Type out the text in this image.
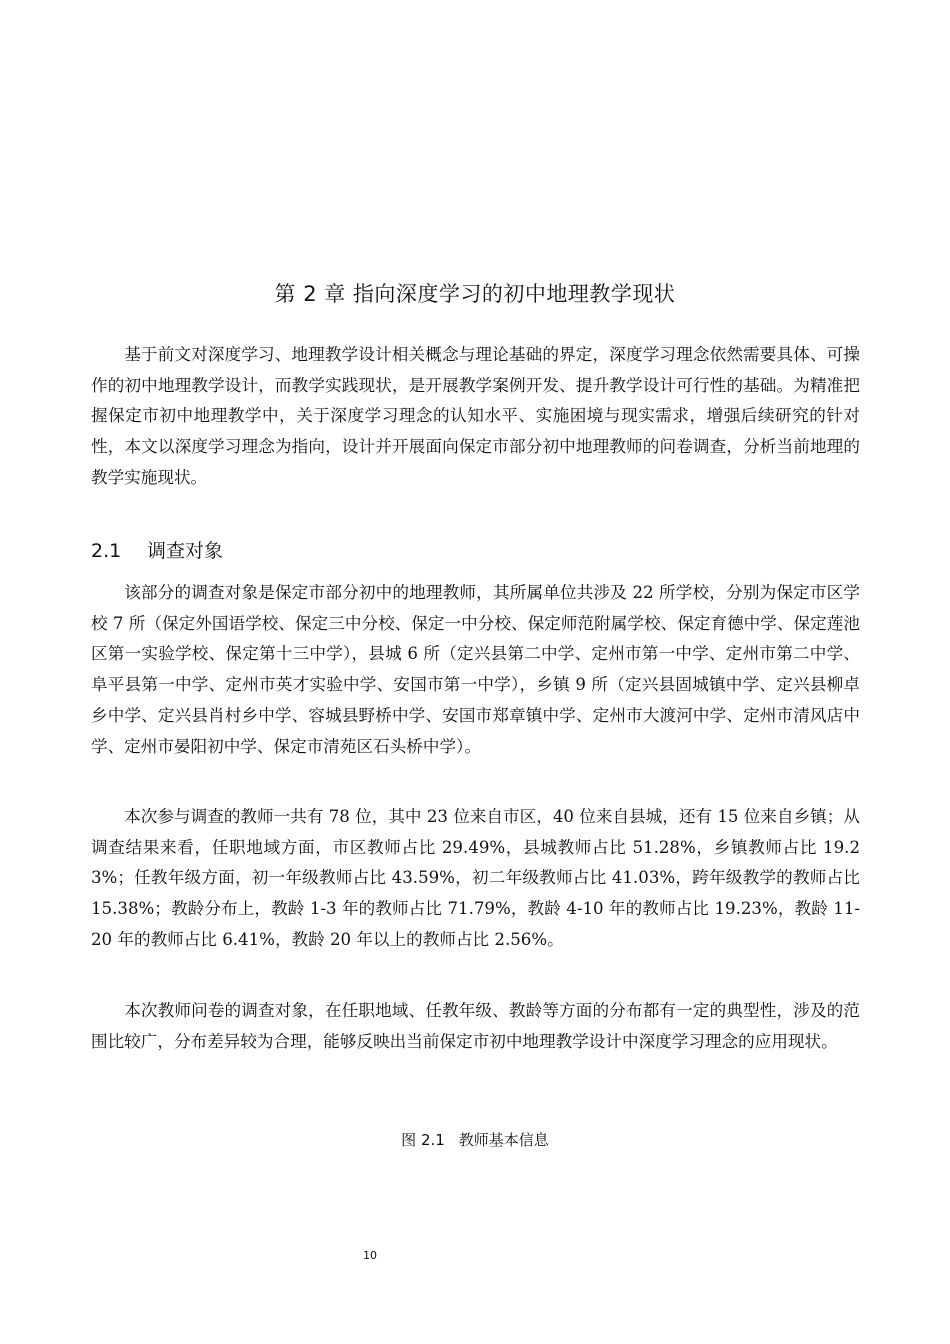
第 2 章 指向深度学习的初中地理教学现状

基于前文对深度学习、地理教学设计相关概念与理论基础的界定，深度学习理念依然需要具体、可操作的初中地理教学设计，而教学实践现状，是开展教学案例开发、提升教学设计可行性的基础。为精准把握保定市初中地理教学中，关于深度学习理念的认知水平、实施困境与现实需求，增强后续研究的针对性，本文以深度学习理念为指向，设计并开展面向保定市部分初中地理教师的问卷调查，分析当前地理的教学实施现状。

2.1 调查对象

该部分的调查对象是保定市部分初中的地理教师，其所属单位共涉及 22 所学校，分别为保定市区学校 7 所（保定外国语学校、保定三中分校、保定一中分校、保定师范附属学校、保定育德中学、保定莲池区第一实验学校、保定第十三中学），县城 6 所（定兴县第二中学、定州市第一中学、定州市第二中学、阜平县第一中学、定州市英才实验中学、安国市第一中学），乡镇 9 所（定兴县固城镇中学、定兴县柳卓乡中学、定兴县肖村乡中学、容城县野桥中学、安国市郑章镇中学、定州市大渡河中学、定州市清风店中学、定州市晏阳初中学、保定市清苑区石头桥中学）。

本次参与调查的教师一共有 78 位，其中 23 位来自市区，40 位来自县城，还有 15 位来自乡镇；从调查结果来看，任职地域方面，市区教师占比 29.49%，县城教师占比 51.28%，乡镇教师占比 19.23%；任教年级方面，初一年级教师占比 43.59%，初二年级教师占比 41.03%，跨年级教学的教师占比 15.38%；教龄分布上，教龄 1-3 年的教师占比 71.79%，教龄 4-10 年的教师占比 19.23%，教龄 11-20 年的教师占比 6.41%，教龄 20 年以上的教师占比 2.56%。

本次教师问卷的调查对象，在任职地域、任教年级、教龄等方面的分布都有一定的典型性，涉及的范围比较广，分布差异较为合理，能够反映出当前保定市初中地理教学设计中深度学习理念的应用现状。

图 2.1 教师基本信息

10
